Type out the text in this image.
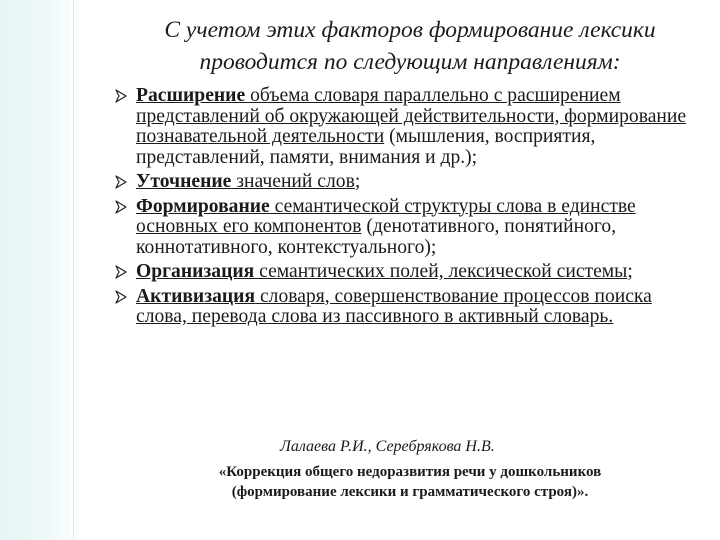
С учетом этих факторов формирование лексики
проводится по следующим направлениям:
Расширение объема словаря параллельно с расширением представлений об окружающей действительности, формирование познавательной деятельности (мышления, восприятия, представлений, памяти, внимания и др.);
Уточнение значений слов;
Формирование семантической структуры слова в единстве основных его компонентов (денотативного, понятийного, коннотативного, контекстуального);
Организация семантических полей, лексической системы;
Активизация словаря, совершенствование процессов поиска слова, перевода слова из пассивного в активный словарь.
Лалаева Р.И., Серебрякова Н.В.
«Коррекция общего недоразвития речи у дошкольников
(формирование лексики и грамматического строя)».
